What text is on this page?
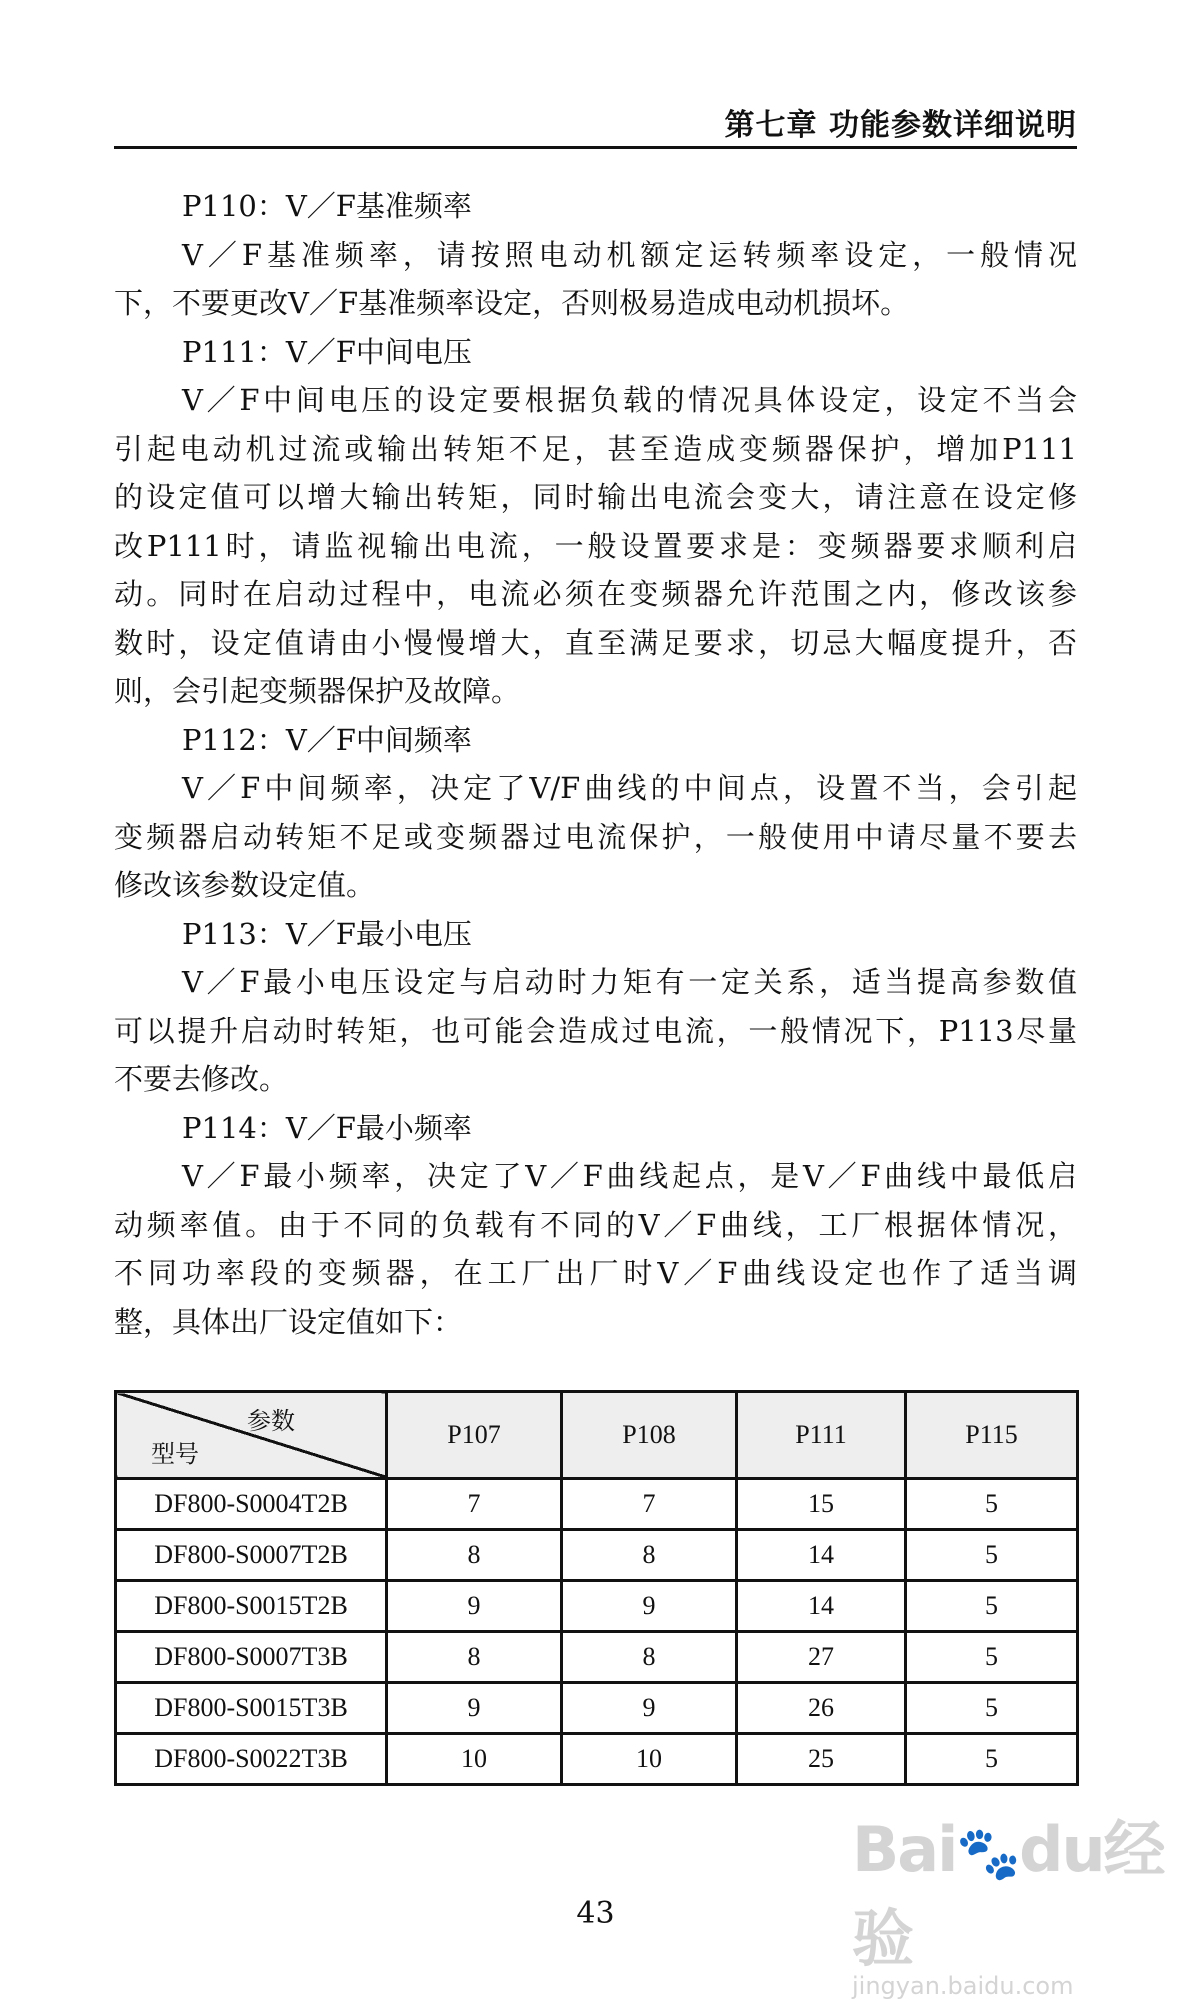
第七章 功能参数详细说明
P110：V／F基准频率
V／F基准频率，请按照电动机额定运转频率设定，一般情况
下，不要更改V／F基准频率设定，否则极易造成电动机损坏。
P111：V／F中间电压
V／F中间电压的设定要根据负载的情况具体设定，设定不当会
引起电动机过流或输出转矩不足，甚至造成变频器保护，增加P111
的设定值可以增大输出转矩，同时输出电流会变大，请注意在设定修
改P111时，请监视输出电流，一般设置要求是：变频器要求顺利启
动。同时在启动过程中，电流必须在变频器允许范围之内，修改该参
数时，设定值请由小慢慢增大，直至满足要求，切忌大幅度提升，否
则，会引起变频器保护及故障。
P112：V／F中间频率
V／F中间频率，决定了V/F曲线的中间点，设置不当，会引起
变频器启动转矩不足或变频器过电流保护，一般使用中请尽量不要去
修改该参数设定值。
P113：V／F最小电压
V／F最小电压设定与启动时力矩有一定关系，适当提高参数值
可以提升启动时转矩，也可能会造成过电流，一般情况下，P113尽量
不要去修改。
P114：V／F最小频率
V／F最小频率，决定了V／F曲线起点，是V／F曲线中最低启
动频率值。由于不同的负载有不同的V／F曲线，工厂根据体情况，
不同功率段的变频器，在工厂出厂时V／F曲线设定也作了适当调
整，具体出厂设定值如下：
参数
型号	P107	P108	P111	P115
DF800-S0004T2B	7	7	15	5
DF800-S0007T2B	8	8	14	5
DF800-S0015T2B	9	9	14	5
DF800-S0007T3B	8	8	27	5
DF800-S0015T3B	9	9	26	5
DF800-S0022T3B	10	10	25	5
43
Bai🐾du经验
jingyan.baidu.com
